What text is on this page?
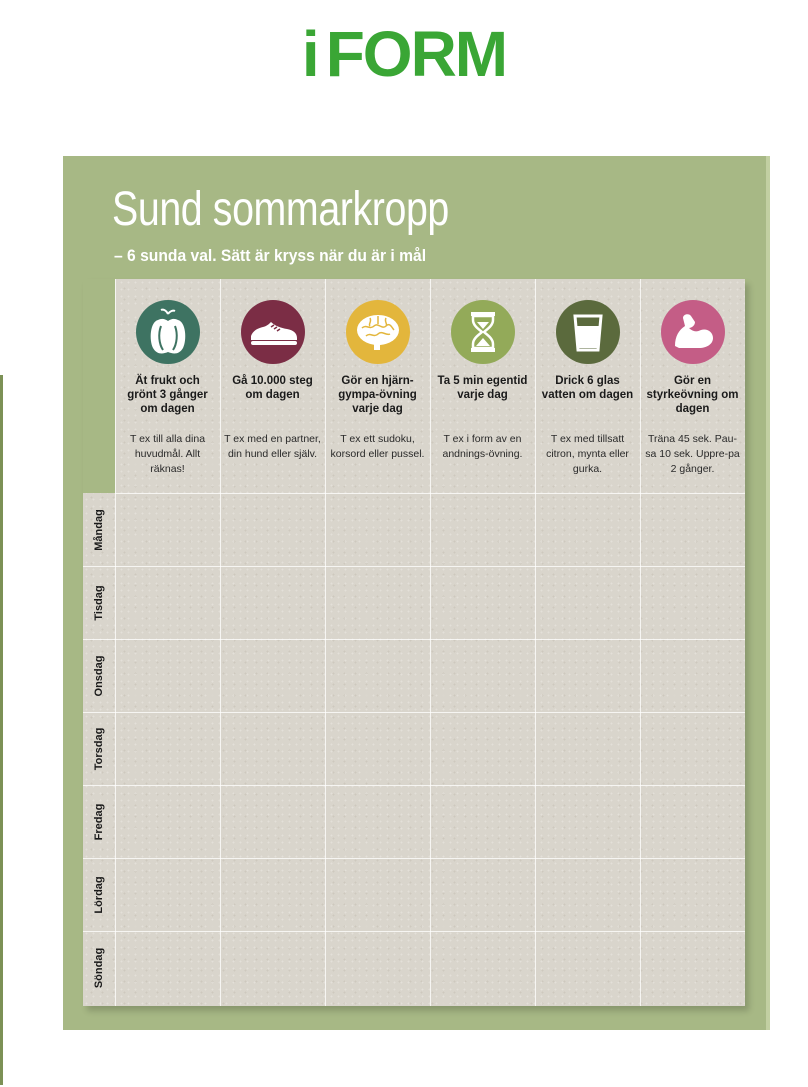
i FORM
Sund sommarkropp

– 6 sunda val. Sätt är kryss när du är i mål

Ät frukt och grönt 3 gånger om dagen

T ex till alla dina huvudmål. Allt räknas!

Gå 10.000 steg om dagen

T ex med en partner, din hund eller själv.

Gör en hjärn-gympa-övning varje dag

T ex ett sudoku, korsord eller pussel.

Ta 5 min egentid varje dag

T ex i form av en andnings-övning.

Drick 6 glas vatten om dagen

T ex med tillsatt citron, mynta eller gurka.

Gör en styrkeövning om dagen

Träna 45 sek. Pau-sa 10 sek. Uppre-pa 2 gånger.

Måndag
Tisdag
Onsdag
Torsdag
Fredag
Lördag
Söndag
